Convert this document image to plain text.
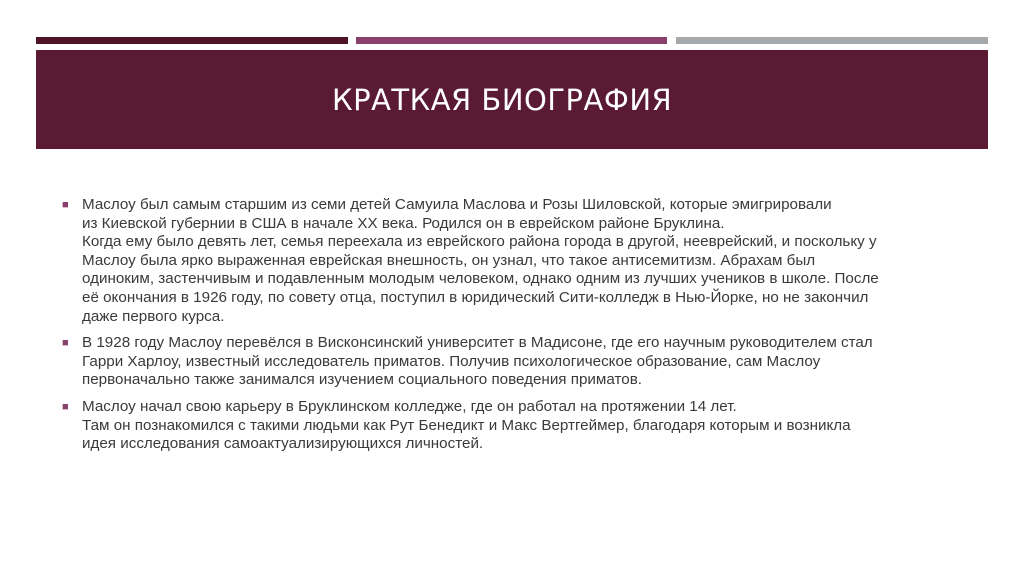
КРАТКАЯ БИОГРАФИЯ
■ Маслоу был самым старшим из семи детей Самуила Маслова и Розы Шиловской, которые эмигрировали
из Киевской губернии в США в начале XX века. Родился он в еврейском районе Бруклина.
Когда ему было девять лет, семья переехала из еврейского района города в другой, нееврейский, и поскольку у
Маслоу была ярко выраженная еврейская внешность, он узнал, что такое антисемитизм. Абрахам был
одиноким, застенчивым и подавленным молодым человеком, однако одним из лучших учеников в школе. После
её окончания в 1926 году, по совету отца, поступил в юридический Сити-колледж в Нью-Йорке, но не закончил
даже первого курса.
■ В 1928 году Маслоу перевёлся в Висконсинский университет в Мадисоне, где его научным руководителем стал
Гарри Харлоу, известный исследователь приматов. Получив психологическое образование, сам Маслоу
первоначально также занимался изучением социального поведения приматов.
■ Маслоу начал свою карьеру в Бруклинском колледже, где он работал на протяжении 14 лет.
Там он познакомился с такими людьми как Рут Бенедикт и Макс Вертгеймер, благодаря которым и возникла
идея исследования самоактуализирующихся личностей.
